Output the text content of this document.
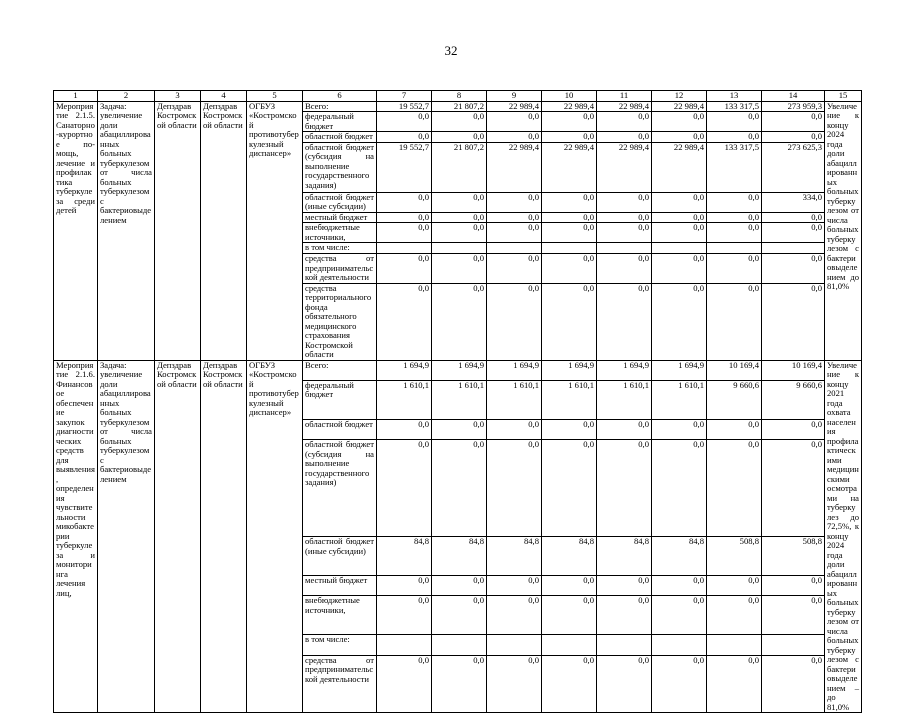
32
1	2	3	4	5	6	7	8	9	10	11	12	13	14	15
Мероприятие 2.1.5. Санаторно-курортное по-мощь, лечение и профилактика туберкулеза среди детей	Задача: увеличение доли абациллированных больных туберкулезом от числа больных туберкулезом с бактериовыделением	Депздрав Костромской области	Депздрав Костромской области	ОГБУЗ «Костромской противотуберкулезный диспансер»	Всего:	19 552,7	21 807,2	22 989,4	22 989,4	22 989,4	22 989,4	133 317,5	273 959,3	Увеличение к концу 2024 года доли абациллированных больных туберкулезом от числа больных туберкулезом с бактериовыделением до 81,0%
					федеральный бюджет	0,0	0,0	0,0	0,0	0,0	0,0	0,0	0,0	
					областной бюджет	0,0	0,0	0,0	0,0	0,0	0,0	0,0	0,0	
					областной бюджет (субсидия на выполнение государственного задания)	19 552,7	21 807,2	22 989,4	22 989,4	22 989,4	22 989,4	133 317,5	273 625,3	
					областной бюджет (иные субсидии)	0,0	0,0	0,0	0,0	0,0	0,0	0,0	334,0	
					местный бюджет	0,0	0,0	0,0	0,0	0,0	0,0	0,0	0,0	
					внебюджетные источники,	0,0	0,0	0,0	0,0	0,0	0,0	0,0	0,0	
					в том числе:									
					средства от предпринимательской деятельности	0,0	0,0	0,0	0,0	0,0	0,0	0,0	0,0	
					средства территориального фонда обязательного медицинского страхования Костромской области	0,0	0,0	0,0	0,0	0,0	0,0	0,0	0,0	
Мероприятие 2.1.6. Финансовое обеспечение закупок диагностических средств для выявления, определения чувствительности микобактерии туберкулеза и мониторинга лечения лиц,	Задача: увеличение доли абациллированных больных туберкулезом от числа больных туберкулезом с бактериовыделением	Депздрав Костромской области	Депздрав Костромской области	ОГБУЗ «Костромской противотуберкулезный диспансер»	Всего:	1 694,9	1 694,9	1 694,9	1 694,9	1 694,9	1 694,9	10 169,4	10 169,4	Увеличение к концу 2021 года охвата населения профилактическими медицинскими осмотрами на туберкулез до 72,5%, к концу 2024 года доли абациллированных больных туберкулезом от числа больных туберкулезом с бактериовыделением – до 81,0%
					федеральный бюджет	1 610,1	1 610,1	1 610,1	1 610,1	1 610,1	1 610,1	9 660,6	9 660,6	
					областной бюджет	0,0	0,0	0,0	0,0	0,0	0,0	0,0	0,0	
					областной бюджет (субсидия на выполнение государственного задания)	0,0	0,0	0,0	0,0	0,0	0,0	0,0	0,0	
					областной бюджет (иные субсидии)	84,8	84,8	84,8	84,8	84,8	84,8	508,8	508,8	
					местный бюджет	0,0	0,0	0,0	0,0	0,0	0,0	0,0	0,0	
					внебюджетные источники,	0,0	0,0	0,0	0,0	0,0	0,0	0,0	0,0	
					в том числе:									
					средства от предпринимательской деятельности	0,0	0,0	0,0	0,0	0,0	0,0	0,0	0,0	
